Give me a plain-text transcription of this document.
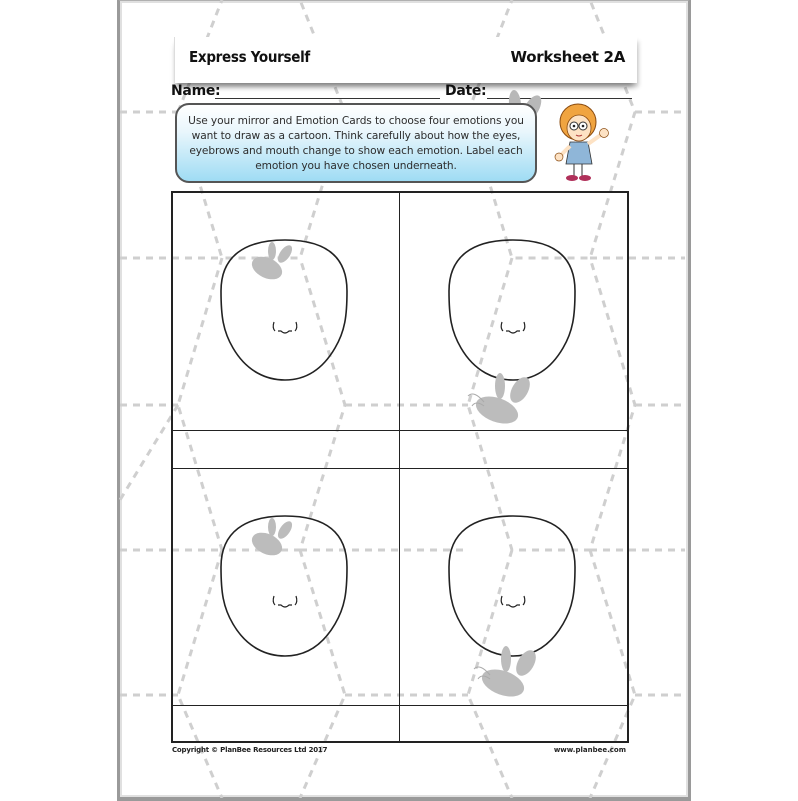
Express Yourself	Worksheet 2A
Name:	Date:
Use your mirror and Emotion Cards to choose four emotions you want to draw as a cartoon. Think carefully about how the eyes, eyebrows and mouth change to show each emotion. Label each emotion you have chosen underneath.
Copyright © PlanBee Resources Ltd 2017	www.planbee.com
